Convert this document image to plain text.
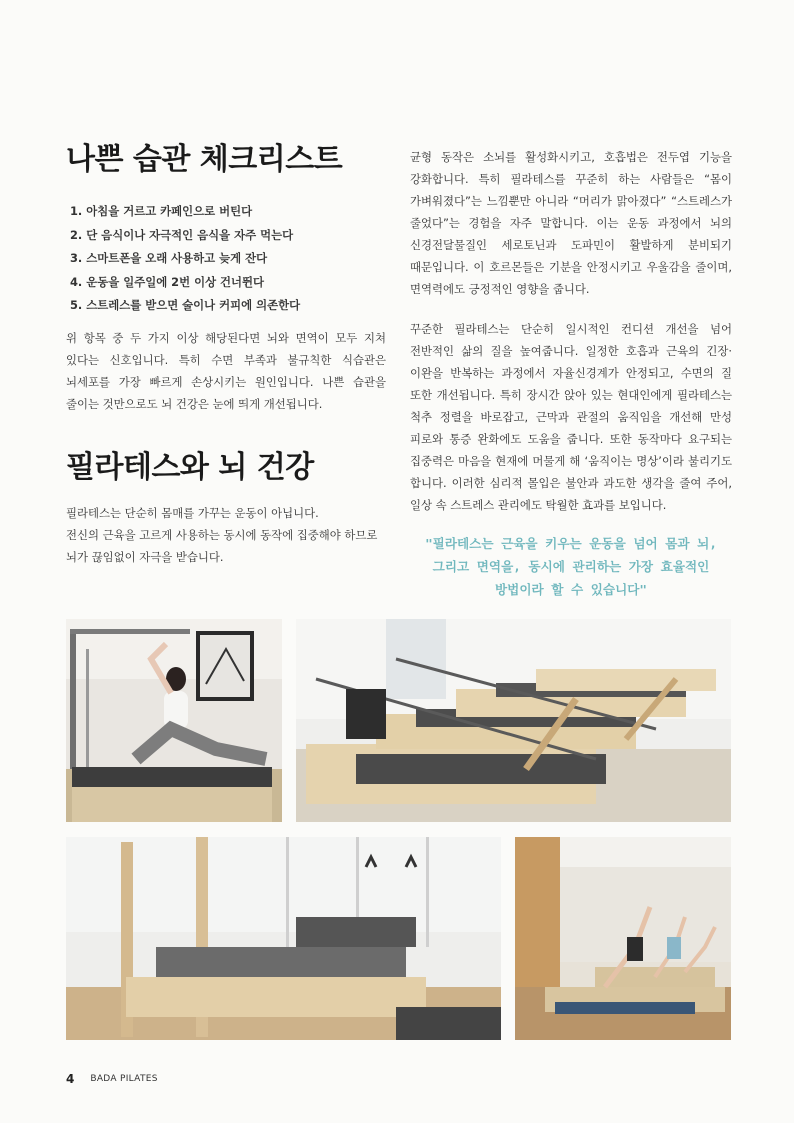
나쁜 습관 체크리스트
1. 아침을 거르고 카페인으로 버틴다
2. 단 음식이나 자극적인 음식을 자주 먹는다
3. 스마트폰을 오래 사용하고 늦게 잔다
4. 운동을 일주일에 2번 이상 건너뛴다
5. 스트레스를 받으면 술이나 커피에 의존한다

위 항목 중 두 가지 이상 해당된다면 뇌와 면역이 모두 지쳐 있다는 신호입니다. 특히 수면 부족과 불규칙한 식습관은 뇌세포를 가장 빠르게 손상시키는 원인입니다. 나쁜 습관을 줄이는 것만으로도 뇌 건강은 눈에 띄게 개선됩니다.

필라테스와 뇌 건강

필라테스는 단순히 몸매를 가꾸는 운동이 아닙니다.
전신의 근육을 고르게 사용하는 동시에 동작에 집중해야 하므로 뇌가 끊임없이 자극을 받습니다.

균형 동작은 소뇌를 활성화시키고, 호흡법은 전두엽 기능을 강화합니다. 특히 필라테스를 꾸준히 하는 사람들은 “몸이 가벼워졌다”는 느낌뿐만 아니라 “머리가 맑아졌다” “스트레스가 줄었다”는 경험을 자주 말합니다. 이는 운동 과정에서 뇌의 신경전달물질인 세로토닌과 도파민이 활발하게 분비되기 때문입니다. 이 호르몬들은 기분을 안정시키고 우울감을 줄이며, 면역력에도 긍정적인 영향을 줍니다.

꾸준한 필라테스는 단순히 일시적인 컨디션 개선을 넘어 전반적인 삶의 질을 높여줍니다. 일정한 호흡과 근육의 긴장·이완을 반복하는 과정에서 자율신경계가 안정되고, 수면의 질 또한 개선됩니다. 특히 장시간 앉아 있는 현대인에게 필라테스는 척추 정렬을 바로잡고, 근막과 관절의 움직임을 개선해 만성 피로와 통증 완화에도 도움을 줍니다. 또한 동작마다 요구되는 집중력은 마음을 현재에 머물게 해 ‘움직이는 명상’이라 불리기도 합니다. 이러한 심리적 몰입은 불안과 과도한 생각을 줄여 주어, 일상 속 스트레스 관리에도 탁월한 효과를 보입니다.

"필라테스는 근육을 키우는 운동을 넘어 몸과 뇌, 그리고 면역을, 동시에 관리하는 가장 효율적인 방법이라 할 수 있습니다"

4 BADA PILATES
